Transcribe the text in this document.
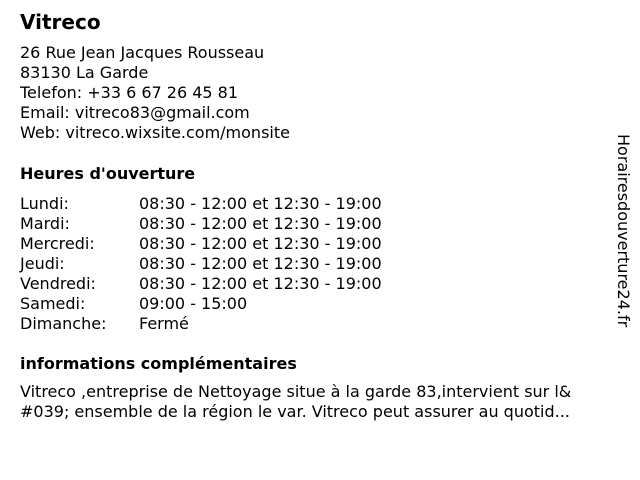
Vitreco
26 Rue Jean Jacques Rousseau
83130 La Garde
Telefon: +33 6 67 26 45 81
Email: vitreco83@gmail.com
Web: vitreco.wixsite.com/monsite
Heures d'ouverture
Lundi:	08:30 - 12:00 et 12:30 - 19:00
Mardi:	08:30 - 12:00 et 12:30 - 19:00
Mercredi:	08:30 - 12:00 et 12:30 - 19:00
Jeudi:	08:30 - 12:00 et 12:30 - 19:00
Vendredi:	08:30 - 12:00 et 12:30 - 19:00
Samedi:	09:00 - 15:00
Dimanche: Fermé
informations complémentaires
Vitreco ,entreprise de Nettoyage situe à la garde 83,intervient sur l&
#039; ensemble de la région le var. Vitreco peut assurer au quotid...
Horairesdouverture24.fr
